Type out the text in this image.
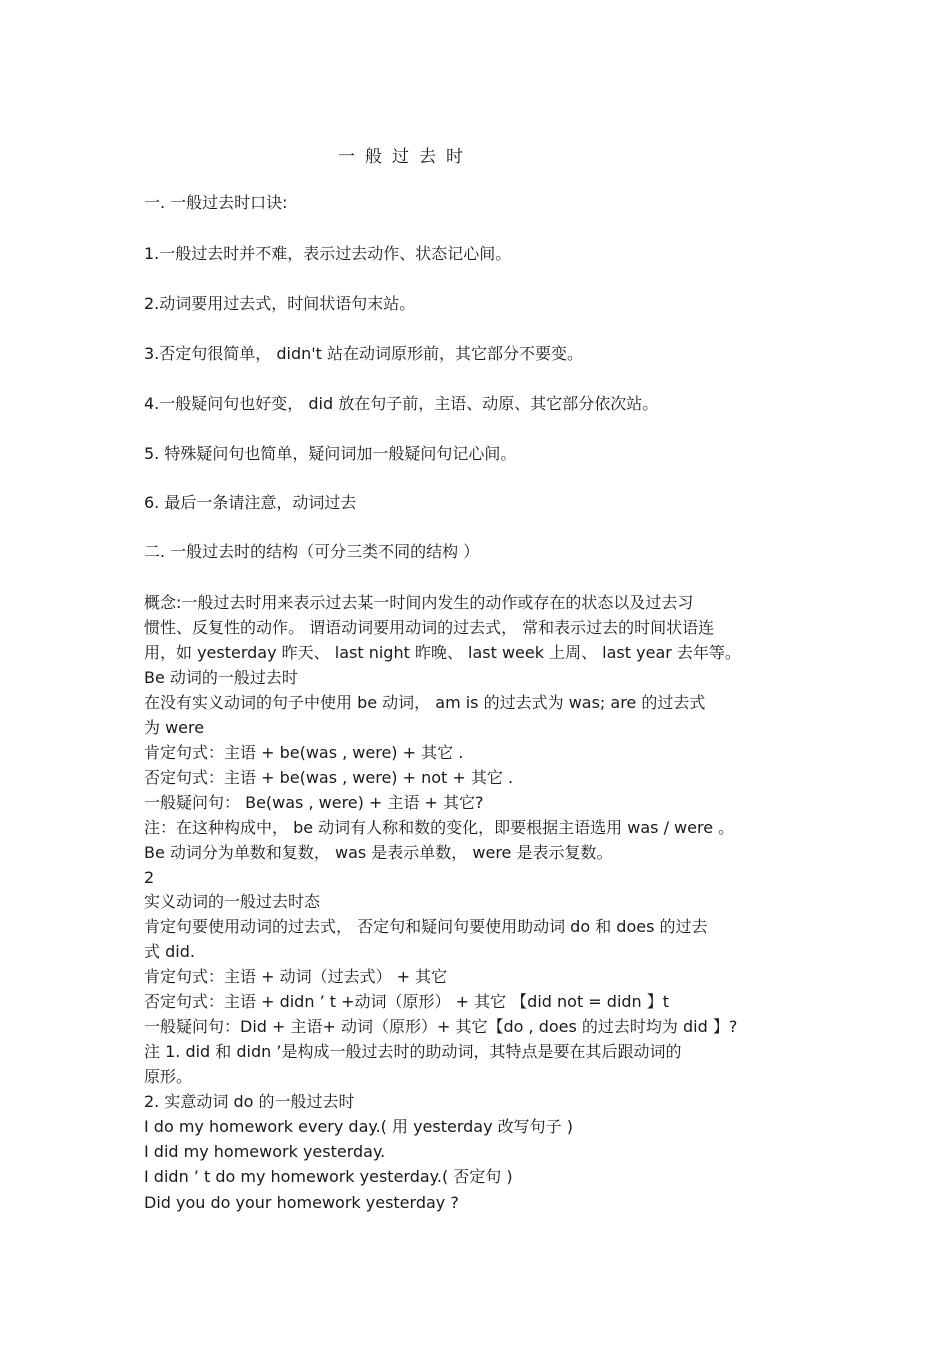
一般过去时
一. 一般过去时口诀:
1.一般过去时并不难，表示过去动作、状态记心间。
2.动词要用过去式，时间状语句末站。
3.否定句很简单， didn't 站在动词原形前，其它部分不要变。
4.一般疑问句也好变， did 放在句子前，主语、动原、其它部分依次站。
5. 特殊疑问句也简单，疑问词加一般疑问句记心间。
6. 最后一条请注意，动词过去
二. 一般过去时的结构（可分三类不同的结构 ）
概念:一般过去时用来表示过去某一时间内发生的动作或存在的状态以及过去习
惯性、反复性的动作。 谓语动词要用动词的过去式， 常和表示过去的时间状语连
用，如 yesterday 昨天、 last night 昨晚、 last week 上周、 last year 去年等。
Be 动词的一般过去时
在没有实义动词的句子中使用 be 动词， am is 的过去式为 was; are 的过去式
为 were
肯定句式：主语 + be(was , were) + 其它 .
否定句式：主语 + be(was , were) + not + 其它 .
一般疑问句： Be(was , were) + 主语 + 其它?
注：在这种构成中， be 动词有人称和数的变化，即要根据主语选用 was / were 。
Be 动词分为单数和复数， was 是表示单数， were 是表示复数。
2
实义动词的一般过去时态
肯定句要使用动词的过去式， 否定句和疑问句要使用助动词 do 和 does 的过去
式 did.
肯定句式：主语 + 动词（过去式） + 其它
否定句式：主语 + didn ’ t +动词（原形） + 其它 【did not = didn 】t
一般疑问句：Did + 主语+ 动词（原形）+ 其它【do , does 的过去时均为 did 】?
注 1. did 和 didn ’是构成一般过去时的助动词，其特点是要在其后跟动词的
原形。
2. 实意动词 do 的一般过去时
I do my homework every day.( 用 yesterday 改写句子 )
I did my homework yesterday.
I didn ’ t do my homework yesterday.( 否定句 )
Did you do your homework yesterday ?
